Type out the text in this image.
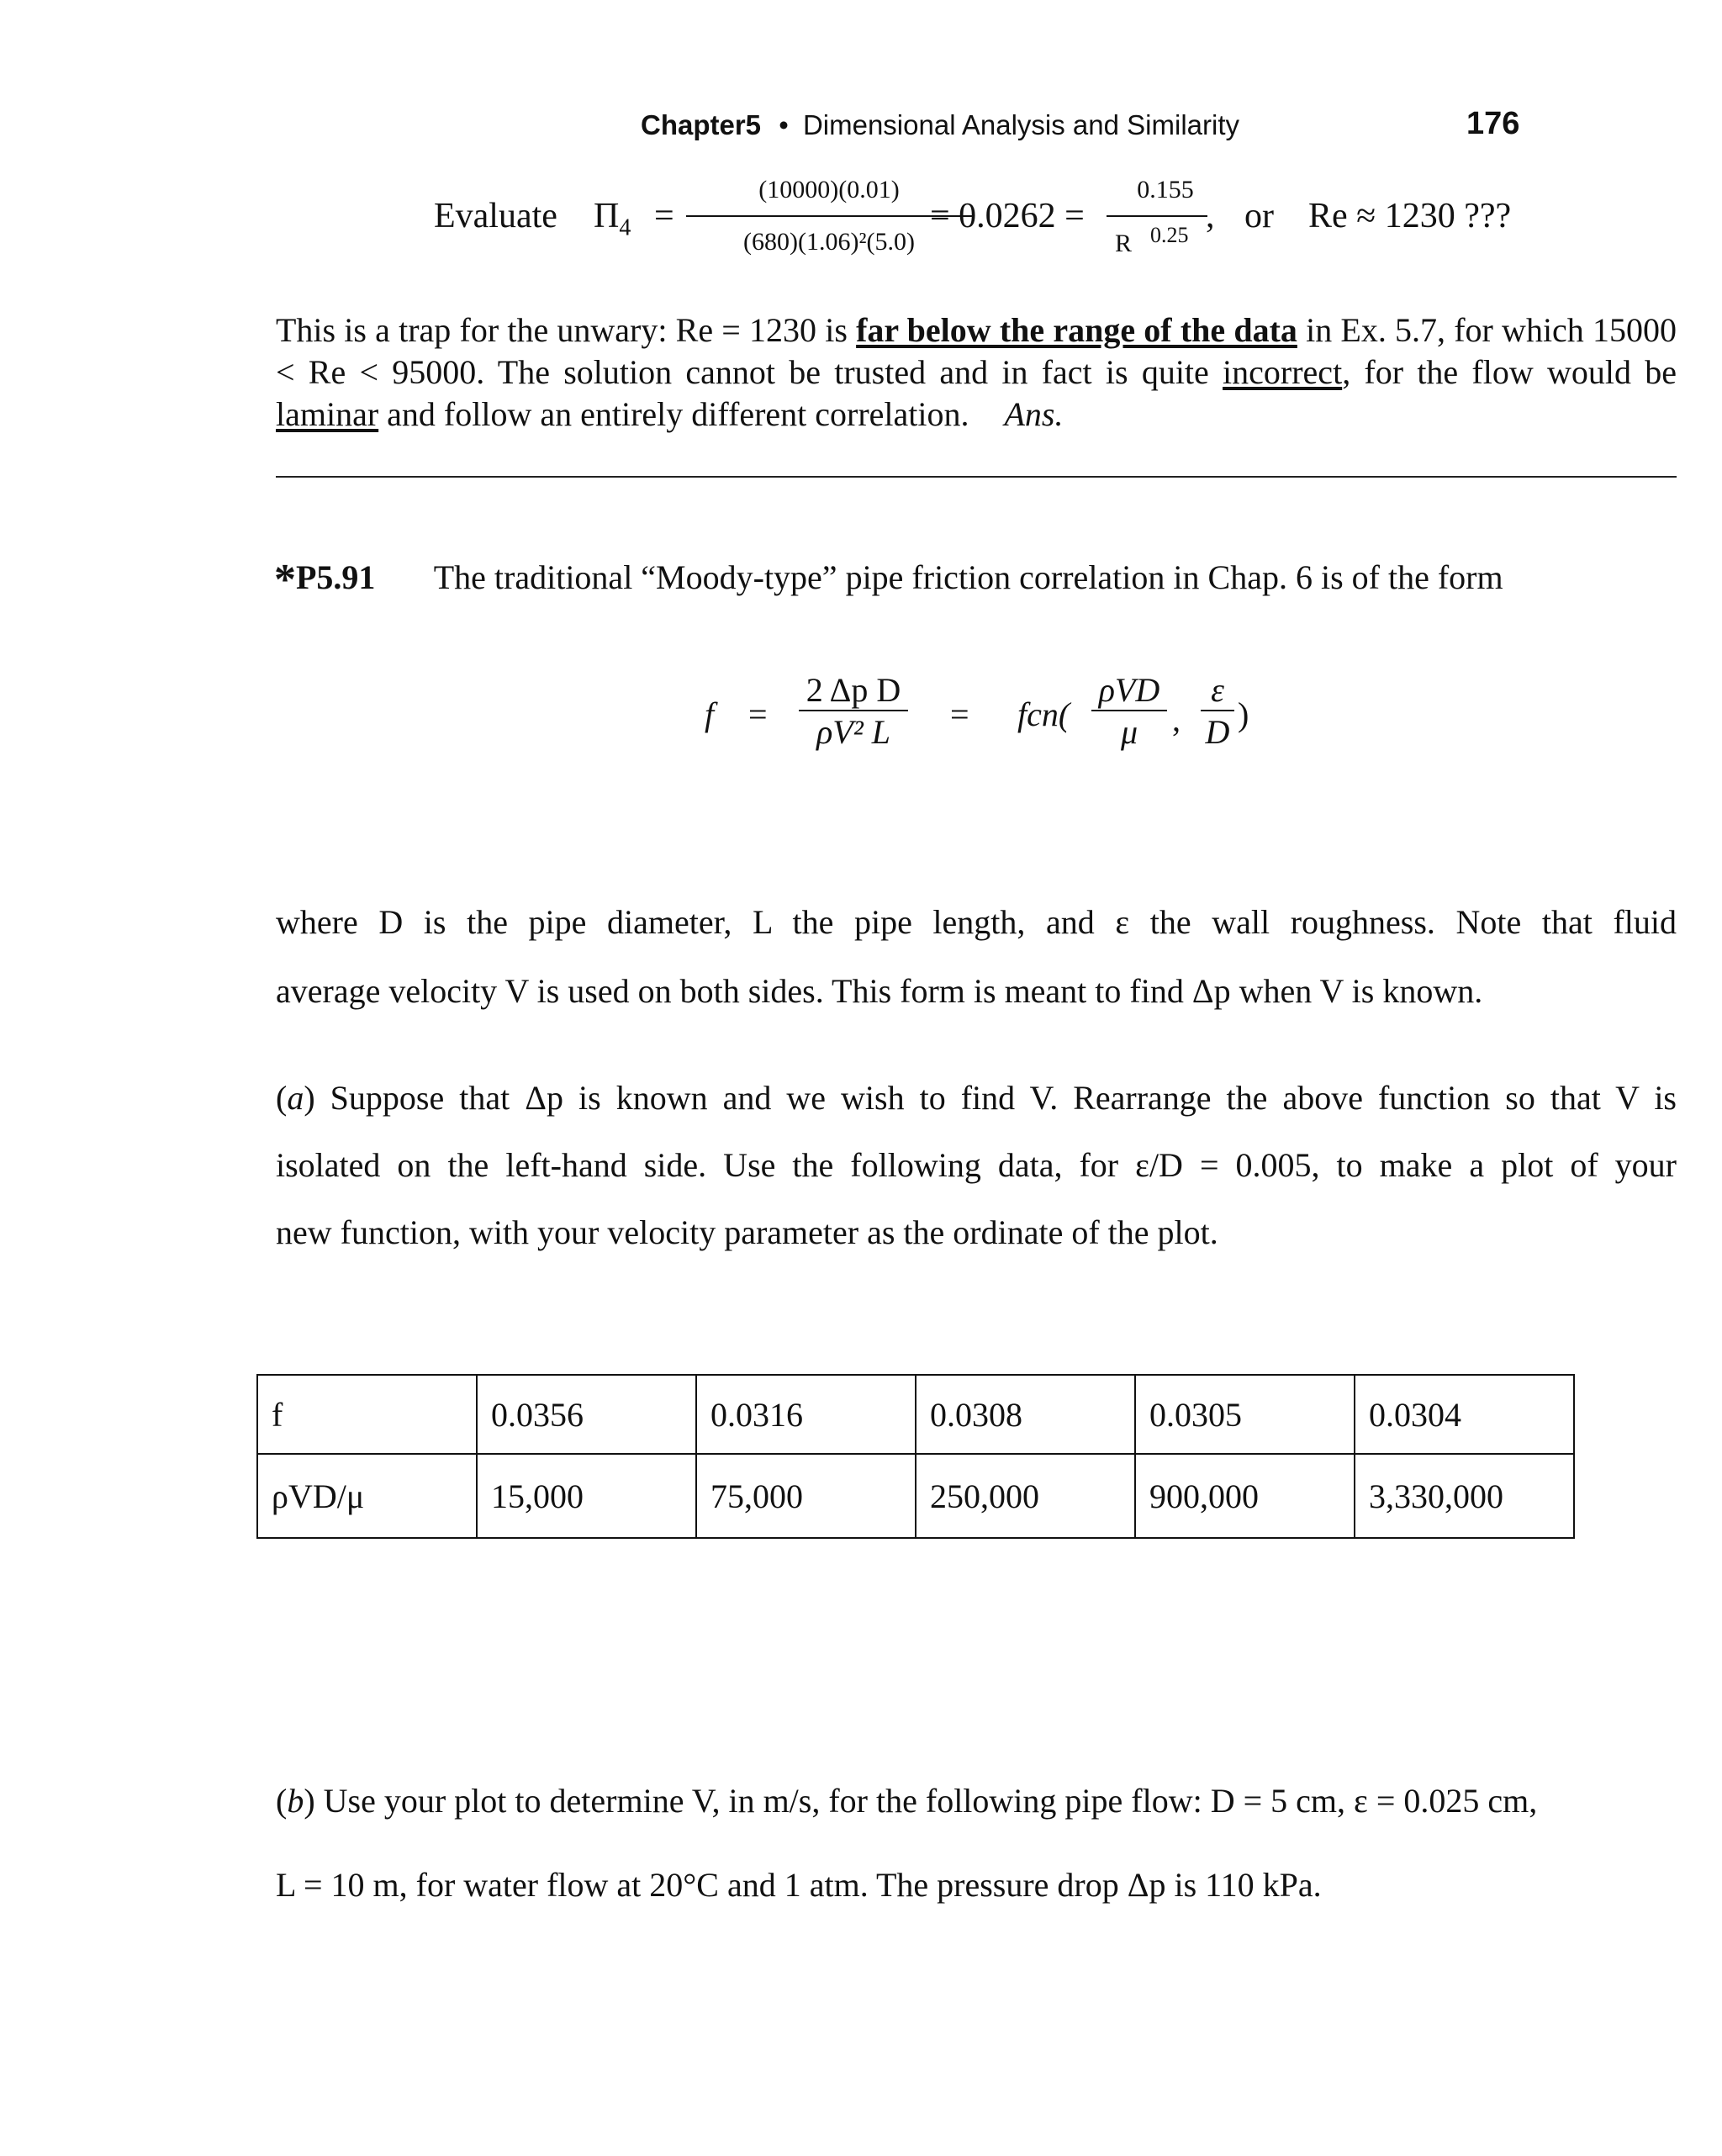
Chapter5 • Dimensional Analysis and Similarity	176
Evaluate $\Pi_4$ =
(10000)(0.01)
(680)(1.06)²(5.0)
= 0.0262 =
0.155
R 0.25 , or Re ≈ 1230 ???
This is a trap for the unwary: Re = 1230 is far below the range of the data in Ex. 5.7, for which 15000 < Re < 95000. The solution cannot be trusted and in fact is quite incorrect, for the flow would be laminar and follow an entirely different correlation. Ans.
*P5.91 The traditional “Moody-type” pipe friction correlation in Chap. 6 is of the form
f =
2 Δp D
ρV² L	= fcn(
ρVD
μ	,
ε
D )
where D is the pipe diameter, L the pipe length, and ε the wall roughness. Note that fluid
average velocity V is used on both sides. This form is meant to find Δp when V is known.
(a) Suppose that Δp is known and we wish to find V. Rearrange the above function so that V is
isolated on the left-hand side. Use the following data, for ε/D = 0.005, to make a plot of your
new function, with your velocity parameter as the ordinate of the plot.
f	0.0356	0.0316	0.0308	0.0305	0.0304
ρVD/μ	15,000	75,000	250,000	900,000	3,330,000
(b) Use your plot to determine V, in m/s, for the following pipe flow: D = 5 cm, ε = 0.025 cm,
L = 10 m, for water flow at 20°C and 1 atm. The pressure drop Δp is 110 kPa.
